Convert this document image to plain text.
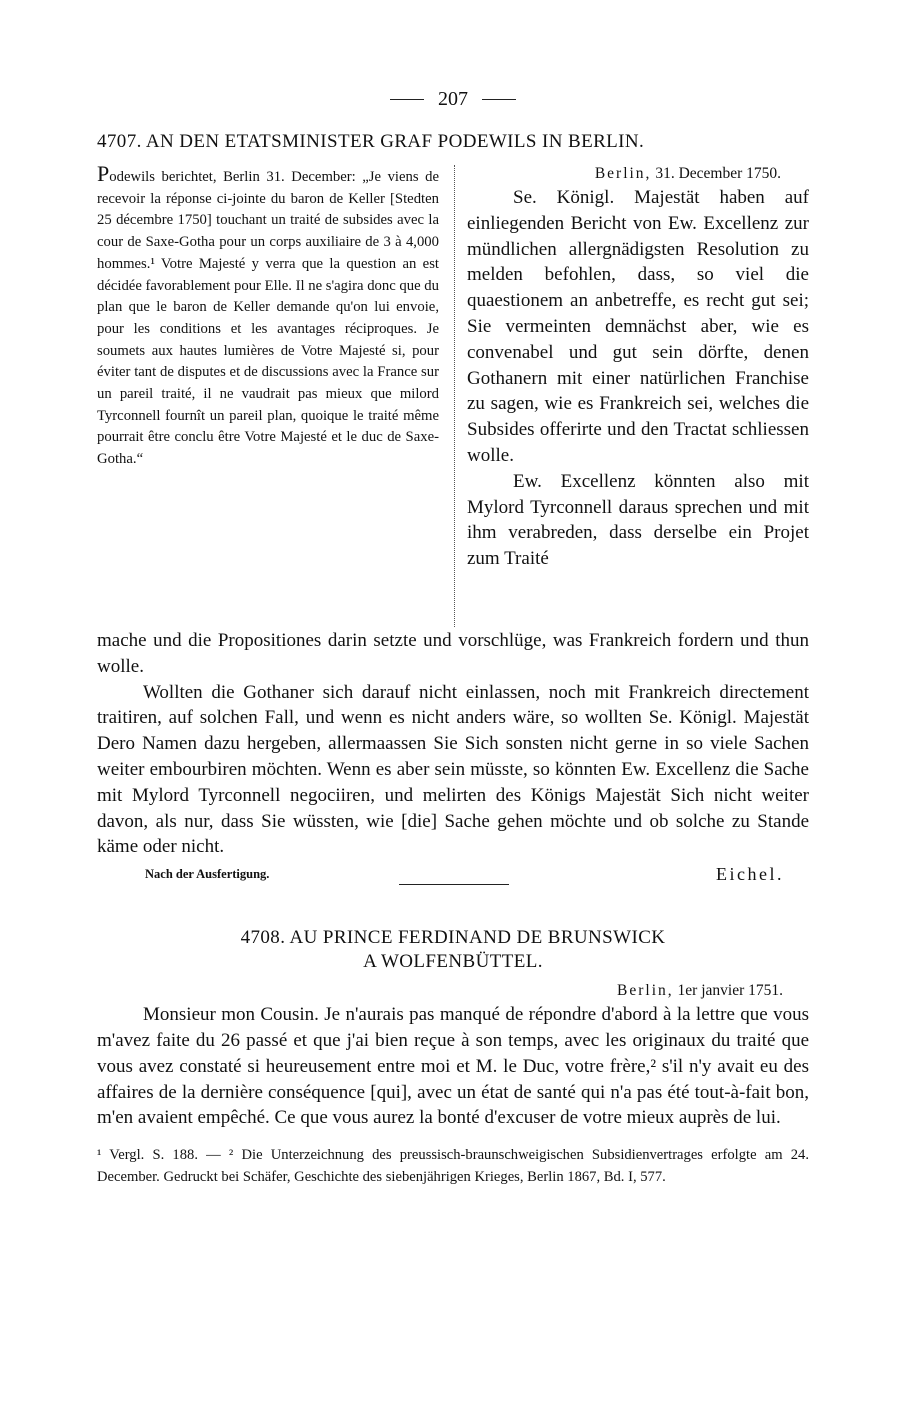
207
4707. AN DEN ETATSMINISTER GRAF PODEWILS IN BERLIN.

Podewils berichtet, Berlin 31. December: „Je viens de recevoir la réponse ci-jointe du baron de Keller [Stedten 25 décembre 1750] touchant un traité de subsides avec la cour de Saxe-Gotha pour un corps auxiliaire de 3 à 4,000 hommes.¹ Votre Majesté y verra que la question an est décidée favorablement pour Elle. Il ne s'agira donc que du plan que le baron de Keller demande qu'on lui envoie, pour les conditions et les avantages réciproques. Je soumets aux hautes lumières de Votre Majesté si, pour éviter tant de disputes et de discussions avec la France sur un pareil traité, il ne vaudrait pas mieux que milord Tyrconnell fournît un pareil plan, quoique le traité même pourrait être conclu être Votre Majesté et le duc de Saxe-Gotha.“

Berlin, 31. December 1750.

Se. Königl. Majestät haben auf einliegenden Bericht von Ew. Excellenz zur mündlichen allergnädigsten Resolution zu melden befohlen, dass, so viel die quaestionem an anbetreffe, es recht gut sei; Sie vermeinten demnächst aber, wie es convenabel und gut sein dörfte, denen Gothanern mit einer natürlichen Franchise zu sagen, wie es Frankreich sei, welches die Subsides offerirte und den Tractat schliessen wolle.

Ew. Excellenz könnten also mit Mylord Tyrconnell daraus sprechen und mit ihm verabreden, dass derselbe ein Projet zum Traité

mache und die Propositiones darin setzte und vorschlüge, was Frankreich fordern und thun wolle.

Wollten die Gothaner sich darauf nicht einlassen, noch mit Frankreich directement traitiren, auf solchen Fall, und wenn es nicht anders wäre, so wollten Se. Königl. Majestät Dero Namen dazu hergeben, allermaassen Sie Sich sonsten nicht gerne in so viele Sachen weiter embourbiren möchten. Wenn es aber sein müsste, so könnten Ew. Excellenz die Sache mit Mylord Tyrconnell negociiren, und melirten des Königs Majestät Sich nicht weiter davon, als nur, dass Sie wüssten, wie [die] Sache gehen möchte und ob solche zu Stande käme oder nicht.

Nach der Ausfertigung.	Eichel.
4708. AU PRINCE FERDINAND DE BRUNSWICK
A WOLFENBÜTTEL.
Berlin, 1er janvier 1751.

Monsieur mon Cousin. Je n'aurais pas manqué de répondre d'abord à la lettre que vous m'avez faite du 26 passé et que j'ai bien reçue à son temps, avec les originaux du traité que vous avez constaté si heureusement entre moi et M. le Duc, votre frère,² s'il n'y avait eu des affaires de la dernière conséquence [qui], avec un état de santé qui n'a pas été tout-à-fait bon, m'en avaient empêché. Ce que vous aurez la bonté d'excuser de votre mieux auprès de lui.

¹ Vergl. S. 188. — ² Die Unterzeichnung des preussisch-braunschweigischen Subsidienvertrages erfolgte am 24. December. Gedruckt bei Schäfer, Geschichte des siebenjährigen Krieges, Berlin 1867, Bd. I, 577.
